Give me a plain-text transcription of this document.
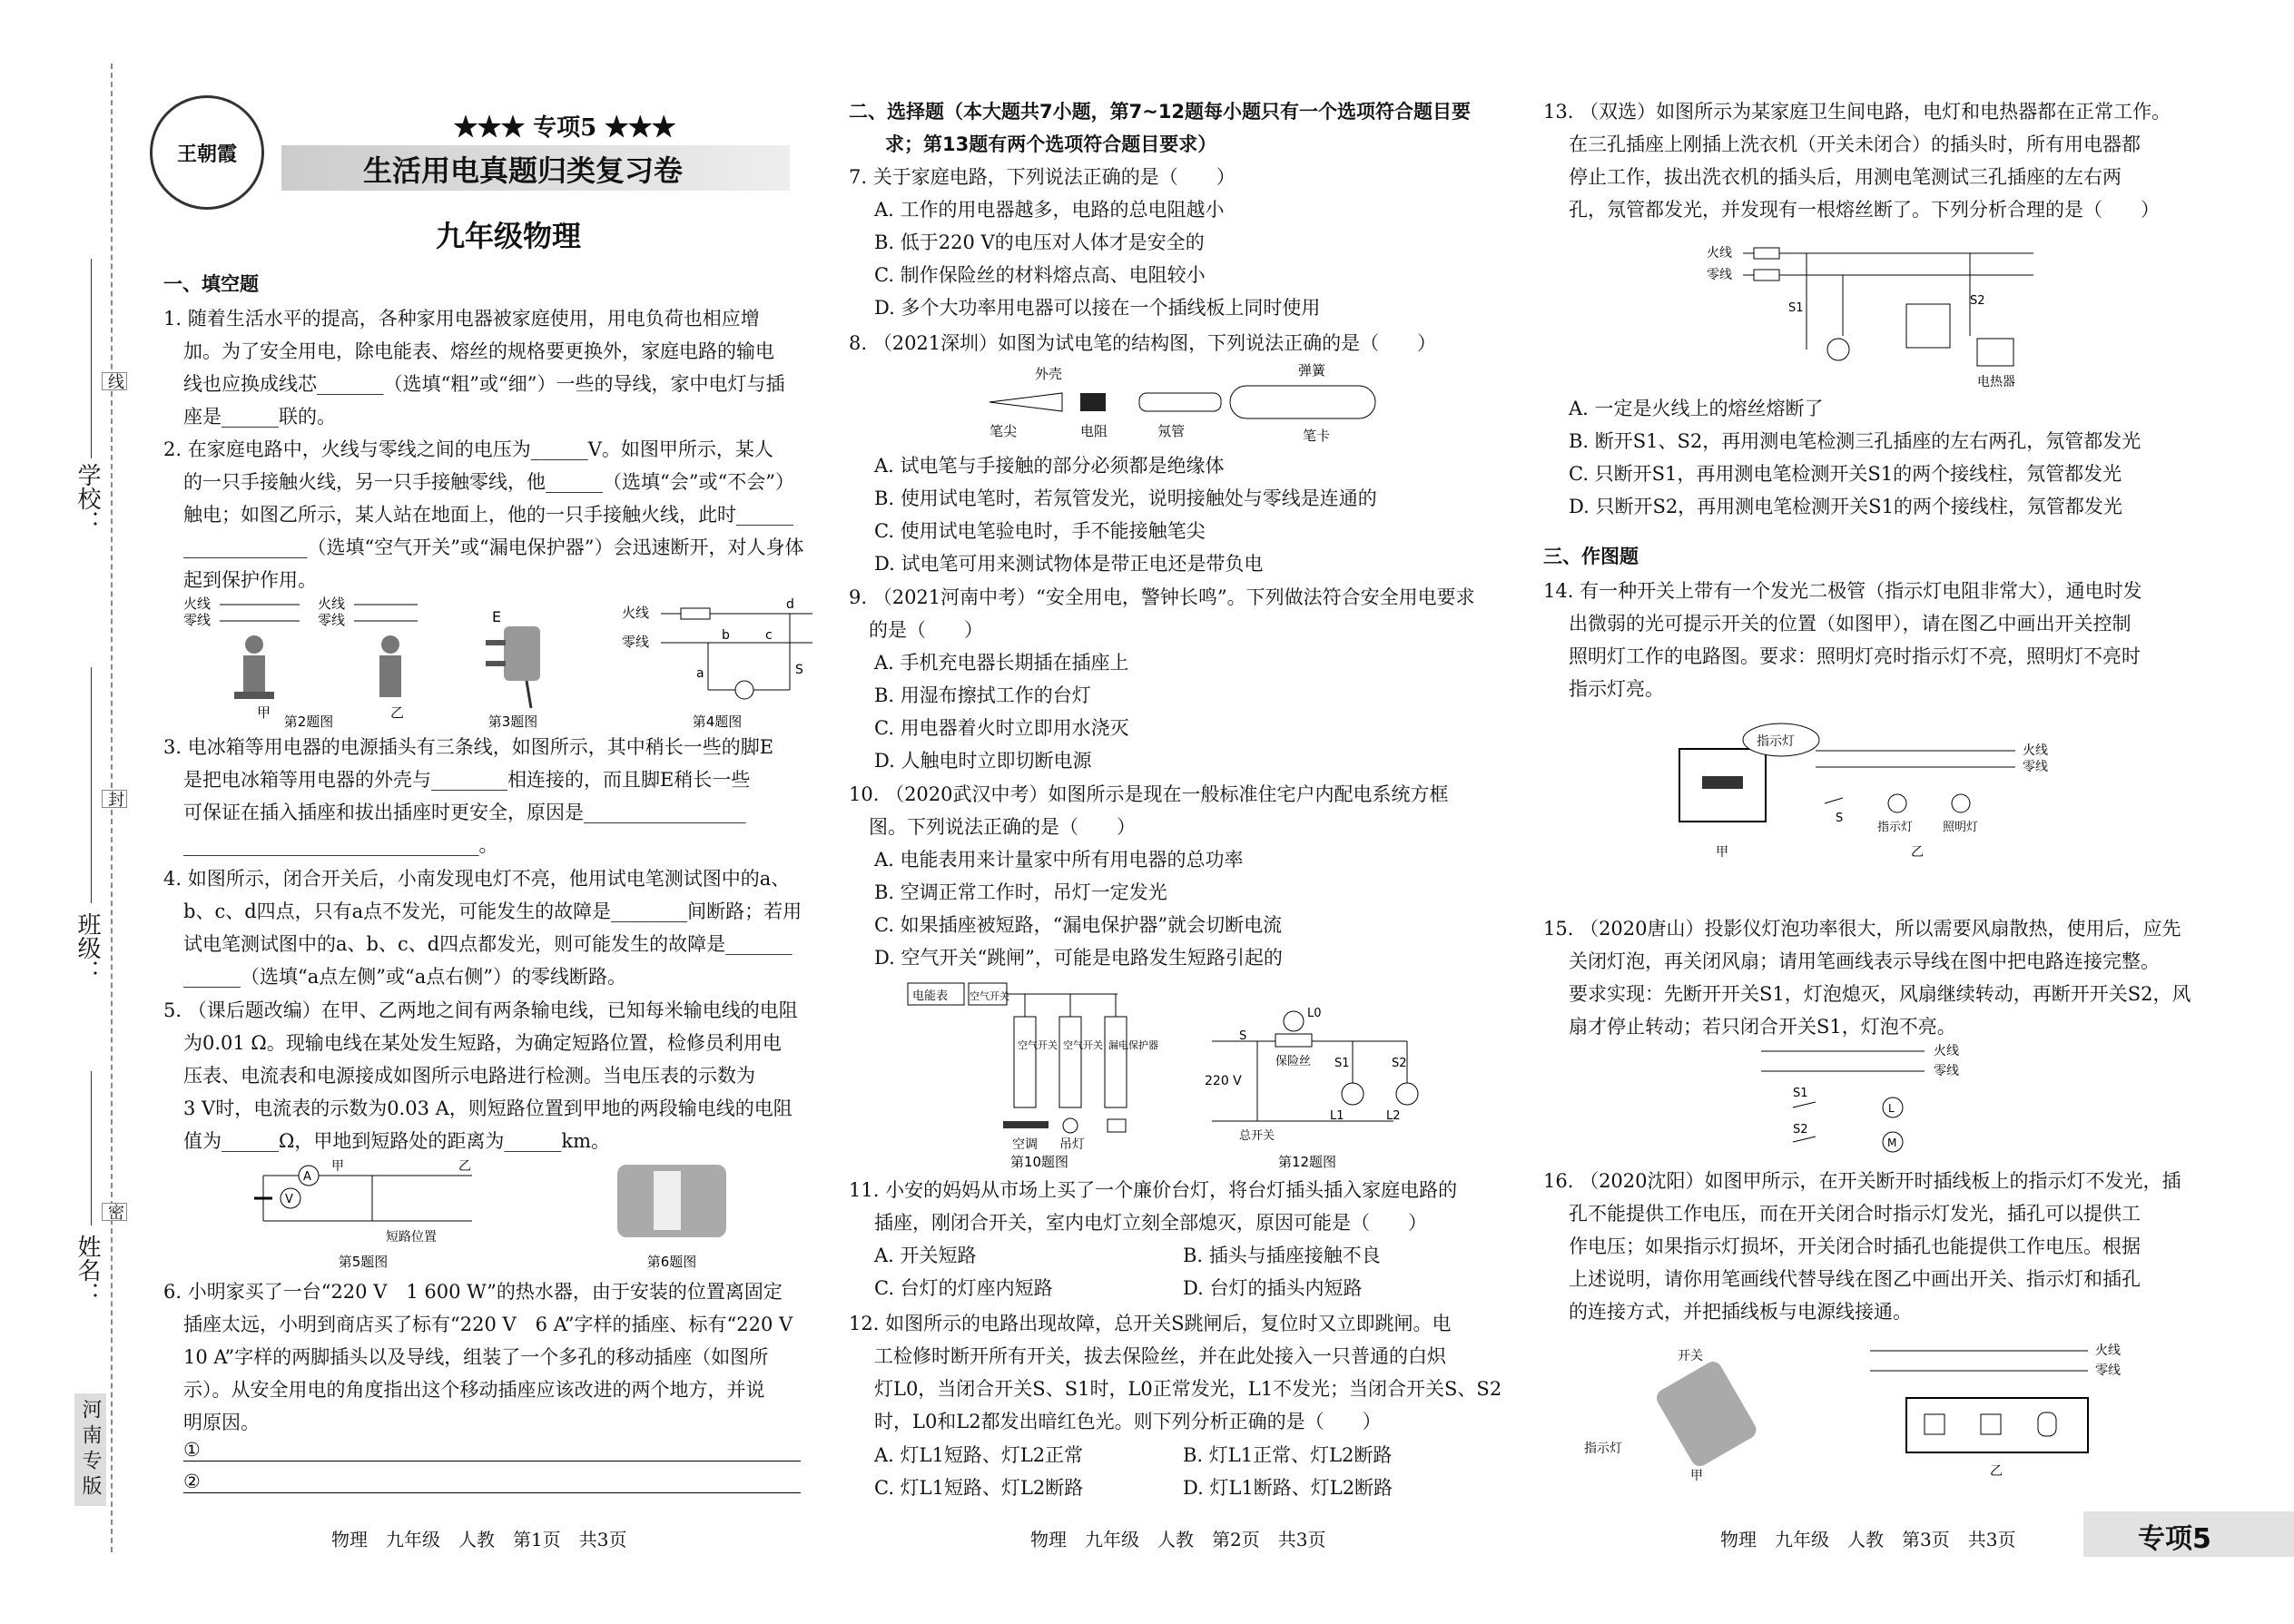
学校：
班级：
姓名：
线
封
密
河南专版
王朝霞
★★★ 专项5 ★★★
生活用电真题归类复习卷
九年级物理
一、填空题
1. 随着生活水平的提高，各种家用电器被家庭使用，用电负荷也相应增
加。为了安全用电，除电能表、熔丝的规格要更换外，家庭电路的输电
线也应换成线芯_______（选填“粗”或“细”）一些的导线，家中电灯与插
座是______联的。
2. 在家庭电路中，火线与零线之间的电压为______V。如图甲所示，某人
的一只手接触火线，另一只手接触零线，他______（选填“会”或“不会”）
触电；如图乙所示，某人站在地面上，他的一只手接触火线，此时______
_____________（选填“空气开关”或“漏电保护器”）会迅速断开，对人身体
起到保护作用。
火线
零线
火线
零线
甲	乙
E	火线
零线
a
b	c
d
S
第2题图	第3题图	第4题图
3. 电冰箱等用电器的电源插头有三条线，如图所示，其中稍长一些的脚E
是把电冰箱等用电器的外壳与________相连接的，而且脚E稍长一些
可保证在插入插座和拔出插座时更安全，原因是_________________
_______________________________。
4. 如图所示，闭合开关后，小南发现电灯不亮，他用试电笔测试图中的a、
b、c、d四点，只有a点不发光，可能发生的故障是________间断路；若用
试电笔测试图中的a、b、c、d四点都发光，则可能发生的故障是_______
______（选填“a点左侧”或“a点右侧”）的零线断路。
5. （课后题改编）在甲、乙两地之间有两条输电线，已知每米输电线的电阻
为0.01 Ω。现输电线在某处发生短路，为确定短路位置，检修员利用电
压表、电流表和电源接成如图所示电路进行检测。当电压表的示数为
3 V时，电流表的示数为0.03 A，则短路位置到甲地的两段输电线的电阻
值为______Ω，甲地到短路处的距离为______km。
A
V
甲	乙
短路位置
第5题图	第6题图
6. 小明家买了一台“220 V　1 600 W”的热水器，由于安装的位置离固定
插座太远，小明到商店买了标有“220 V　6 A”字样的插座、标有“220 V
10 A”字样的两脚插头以及导线，组装了一个多孔的移动插座（如图所
示）。从安全用电的角度指出这个移动插座应该改进的两个地方，并说
明原因。
①
②
物理　九年级　人教　第1页　共3页
二、选择题（本大题共7小题，第7~12题每小题只有一个选项符合题目要
求；第13题有两个选项符合题目要求）
7. 关于家庭电路，下列说法正确的是（　　）
A. 工作的用电器越多，电路的总电阻越小
B. 低于220 V的电压对人体才是安全的
C. 制作保险丝的材料熔点高、电阻较小
D. 多个大功率用电器可以接在一个插线板上同时使用
8. （2021深圳）如图为试电笔的结构图，下列说法正确的是（　　）
外壳	弹簧
笔尖	电阻	氖管	笔卡
A. 试电笔与手接触的部分必须都是绝缘体
B. 使用试电笔时，若氖管发光，说明接触处与零线是连通的
C. 使用试电笔验电时，手不能接触笔尖
D. 试电笔可用来测试物体是带正电还是带负电
9. （2021河南中考）“安全用电，警钟长鸣”。下列做法符合安全用电要求
的是（　　）
A. 手机充电器长期插在插座上
B. 用湿布擦拭工作的台灯
C. 用电器着火时立即用水浇灭
D. 人触电时立即切断电源
10. （2020武汉中考）如图所示是现在一般标准住宅户内配电系统方框
图。下列说法正确的是（　　）
A. 电能表用来计量家中所有用电器的总功率
B. 空调正常工作时，吊灯一定发光
C. 如果插座被短路，“漏电保护器”就会切断电流
D. 空气开关“跳闸”，可能是电路发生短路引起的
电能表 空气开关
空气开关 空气开关 漏电保护器
空调 吊灯
S
220 V
保险丝
总开关
L0
S1	S2
L1	L2
第10题图	第12题图
11. 小安的妈妈从市场上买了一个廉价台灯，将台灯插头插入家庭电路的
插座，刚闭合开关，室内电灯立刻全部熄灭，原因可能是（　　）
A. 开关短路	B. 插头与插座接触不良
C. 台灯的灯座内短路	D. 台灯的插头内短路
12. 如图所示的电路出现故障，总开关S跳闸后，复位时又立即跳闸。电
工检修时断开所有开关，拔去保险丝，并在此处接入一只普通的白炽
灯L0，当闭合开关S、S1时，L0正常发光，L1不发光；当闭合开关S、S2
时，L0和L2都发出暗红色光。则下列分析正确的是（　　）
A. 灯L1短路、灯L2正常	B. 灯L1正常、灯L2断路
C. 灯L1短路、灯L2断路	D. 灯L1断路、灯L2断路
物理　九年级　人教　第2页　共3页
13. （双选）如图所示为某家庭卫生间电路，电灯和电热器都在正常工作。
在三孔插座上刚插上洗衣机（开关未闭合）的插头时，所有用电器都
停止工作，拔出洗衣机的插头后，用测电笔测试三孔插座的左右两
孔，氖管都发光，并发现有一根熔丝断了。下列分析合理的是（　　）
火线
零线
S1
S2
电热器
A. 一定是火线上的熔丝熔断了
B. 断开S1、S2，再用测电笔检测三孔插座的左右两孔，氖管都发光
C. 只断开S1，再用测电笔检测开关S1的两个接线柱，氖管都发光
D. 只断开S2，再用测电笔检测开关S1的两个接线柱，氖管都发光
三、作图题
14. 有一种开关上带有一个发光二极管（指示灯电阻非常大），通电时发
出微弱的光可提示开关的位置（如图甲），请在图乙中画出开关控制
照明灯工作的电路图。要求：照明灯亮时指示灯不亮，照明灯不亮时
指示灯亮。
指示灯
火线
零线
S
指示灯	照明灯
甲	乙
15. （2020唐山）投影仪灯泡功率很大，所以需要风扇散热，使用后，应先
关闭灯泡，再关闭风扇；请用笔画线表示导线在图中把电路连接完整。
要求实现：先断开开关S1，灯泡熄灭，风扇继续转动，再断开开关S2，风
扇才停止转动；若只闭合开关S1，灯泡不亮。
火线
零线
S1
S2
L
M
16. （2020沈阳）如图甲所示，在开关断开时插线板上的指示灯不发光，插
孔不能提供工作电压，而在开关闭合时指示灯发光，插孔可以提供工
作电压；如果指示灯损坏，开关闭合时插孔也能提供工作电压。根据
上述说明，请你用笔画线代替导线在图乙中画出开关、指示灯和插孔
的连接方式，并把插线板与电源线接通。
开关
指示灯
甲
火线
零线
乙
物理　九年级　人教　第3页　共3页	专项5
